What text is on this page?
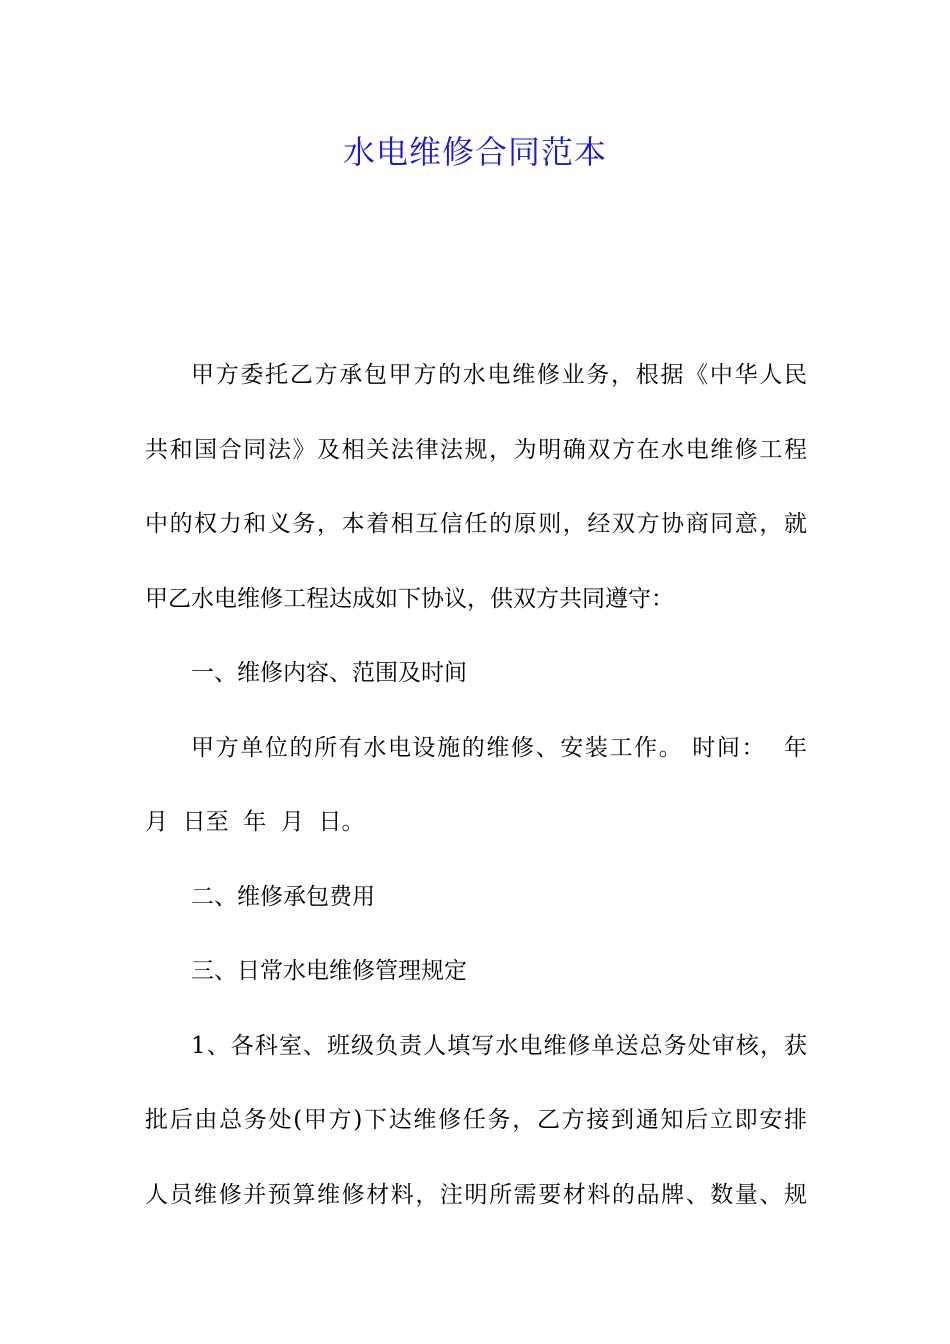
水电维修合同范本

甲方委托乙方承包甲方的水电维修业务，根据《中华人民
共和国合同法》及相关法律法规，为明确双方在水电维修工程
中的权力和义务，本着相互信任的原则，经双方协商同意，就
甲乙水电维修工程达成如下协议，供双方共同遵守：

一、维修内容、范围及时间

甲方单位的所有水电设施的维修、安装工作。 时间：  年
月  日至  年  月  日。

二、维修承包费用

三、日常水电维修管理规定

1、各科室、班级负责人填写水电维修单送总务处审核，获
批后由总务处(甲方)下达维修任务，乙方接到通知后立即安排
人员维修并预算维修材料，注明所需要材料的品牌、数量、规
